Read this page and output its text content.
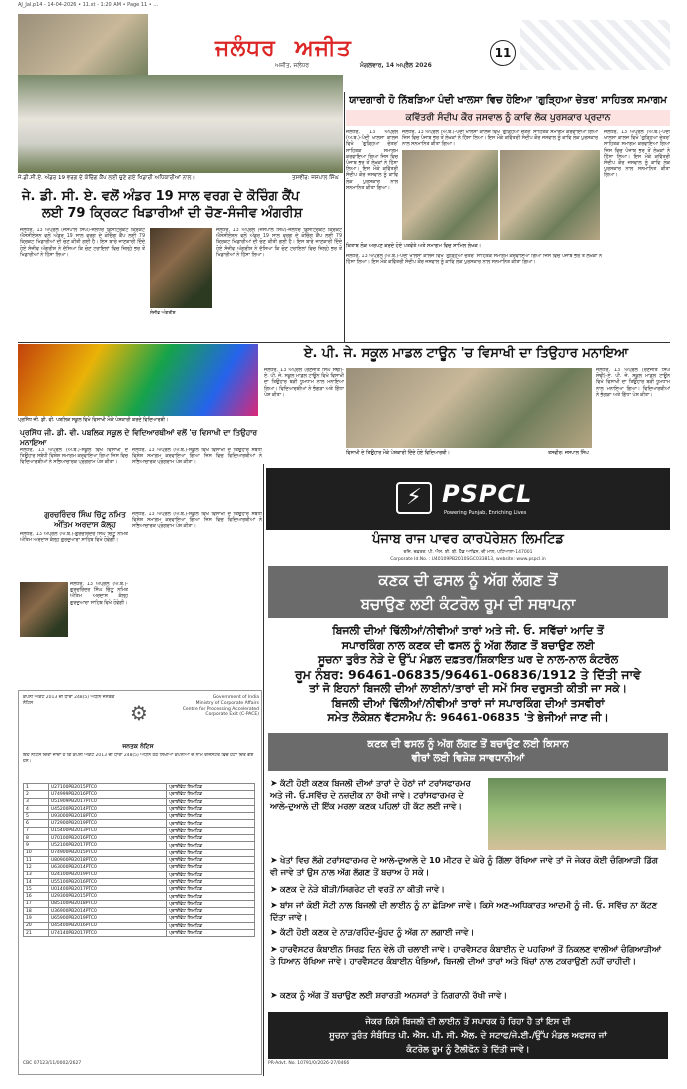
AJ_Jal.p14 - 14-04-2026 • 11.xt - 1:20 AM • Page 11 • ...
ਜਲੰਧਰ ਅਜੀਤ
ਅਜੀਤ, ਜਲੰਧਰ	ਮੰਗਲਵਾਰ, 14 ਅਪ੍ਰੈਲ 2026
11
ਜੇ.ਡੀ.ਸੀ.ਏ. ਅੰਡਰ 19 ਵਰਗ ਦੇ ਕੋਚਿੰਗ ਕੈਂਪ ਲਈ ਚੁਣੇ ਗਏ ਖਿਡਾਰੀ ਅਧਿਕਾਰੀਆਂ ਨਾਲ।	ਤਸਵੀਰ: ਜਸਪਾਲ ਸਿੰਘ
ਜੇ. ਡੀ. ਸੀ. ਏ. ਵਲੋਂ ਅੰਡਰ 19 ਸਾਲ ਵਰਗ ਦੇ ਕੋਚਿੰਗ ਕੈਂਪ
ਲਈ 79 ਕ੍ਰਿਕਟ ਖਿਡਾਰੀਆਂ ਦੀ ਚੋਣ-ਸੰਜੀਵ ਅੰਗਰੀਸ਼
ਜਲੰਧਰ, 13 ਅਪ੍ਰੈਲ (ਜਸਪਾਲ ਸਿੰਘ)-ਜਲੰਧਰ ਡਿਸਟ੍ਰਿਕਟ ਕ੍ਰਿਕਟ ਐਸੋਸੀਏਸ਼ਨ ਵਲੋਂ ਅੰਡਰ 19 ਸਾਲ ਵਰਗ ਦੇ ਕੋਚਿੰਗ ਕੈਂਪ ਲਈ 79 ਕ੍ਰਿਕਟ ਖਿਡਾਰੀਆਂ ਦੀ ਚੋਣ ਕੀਤੀ ਗਈ ਹੈ। ਇਸ ਬਾਰੇ ਜਾਣਕਾਰੀ ਦਿੰਦੇ ਹੋਏ ਸੰਜੀਵ ਅੰਗਰੀਸ਼ ਨੇ ਦੱਸਿਆ ਕਿ ਚੋਣ ਟਰਾਇਲਾਂ ਵਿਚ ਜ਼ਿਲ੍ਹੇ ਭਰ ਤੋਂ ਖਿਡਾਰੀਆਂ ਨੇ ਹਿੱਸਾ ਲਿਆ।
ਸੰਜੀਵ ਅੰਗਰੀਸ਼
ਜਲੰਧਰ, 13 ਅਪ੍ਰੈਲ (ਜਸਪਾਲ ਸਿੰਘ)-ਜਲੰਧਰ ਡਿਸਟ੍ਰਿਕਟ ਕ੍ਰਿਕਟ ਐਸੋਸੀਏਸ਼ਨ ਵਲੋਂ ਅੰਡਰ 19 ਸਾਲ ਵਰਗ ਦੇ ਕੋਚਿੰਗ ਕੈਂਪ ਲਈ 79 ਕ੍ਰਿਕਟ ਖਿਡਾਰੀਆਂ ਦੀ ਚੋਣ ਕੀਤੀ ਗਈ ਹੈ। ਇਸ ਬਾਰੇ ਜਾਣਕਾਰੀ ਦਿੰਦੇ ਹੋਏ ਸੰਜੀਵ ਅੰਗਰੀਸ਼ ਨੇ ਦੱਸਿਆ ਕਿ ਚੋਣ ਟਰਾਇਲਾਂ ਵਿਚ ਜ਼ਿਲ੍ਹੇ ਭਰ ਤੋਂ ਖਿਡਾਰੀਆਂ ਨੇ ਹਿੱਸਾ ਲਿਆ।
ਯਾਦਗਾਰੀ ਹੋ ਨਿੱਬੜਿਆ ਪੰਦੀ ਖਾਲਸਾ ਵਿਚ ਹੋਇਆ 'ਗੁੜ੍ਹਿਆ ਚੇਤਰ' ਸਾਹਿਤਕ ਸਮਾਗਮ
ਕਵਿੱਤਰੀ ਸੰਦੀਪ ਕੌਰ ਜਸਵਾਲ ਨੂੰ ਕਾਵਿ ਲੋਕ ਪੁਰਸਕਾਰ ਪ੍ਰਦਾਨ
ਜਲੰਧਰ, 13 ਅਪ੍ਰੈਲ (ਅ.ਬ.)-ਪੰਦੀ ਖਾਲਸਾ ਕਾਲਜ ਵਿਖੇ 'ਗੁੜ੍ਹਿਆ ਚੇਤਰ' ਸਾਹਿਤਕ ਸਮਾਗਮ ਕਰਵਾਇਆ ਗਿਆ ਜਿਸ ਵਿਚ ਪੰਜਾਬ ਭਰ ਤੋਂ ਲੇਖਕਾਂ ਨੇ ਹਿੱਸਾ ਲਿਆ। ਇਸ ਮੌਕੇ ਕਵਿੱਤਰੀ ਸੰਦੀਪ ਕੌਰ ਜਸਵਾਲ ਨੂੰ ਕਾਵਿ ਲੋਕ ਪੁਰਸਕਾਰ ਨਾਲ ਸਨਮਾਨਿਤ ਕੀਤਾ ਗਿਆ।
ਜਲੰਧਰ, 13 ਅਪ੍ਰੈਲ (ਅ.ਬ.)-ਪੰਦੀ ਖਾਲਸਾ ਕਾਲਜ ਵਿਖੇ 'ਗੁੜ੍ਹਿਆ ਚੇਤਰ' ਸਾਹਿਤਕ ਸਮਾਗਮ ਕਰਵਾਇਆ ਗਿਆ ਜਿਸ ਵਿਚ ਪੰਜਾਬ ਭਰ ਤੋਂ ਲੇਖਕਾਂ ਨੇ ਹਿੱਸਾ ਲਿਆ। ਇਸ ਮੌਕੇ ਕਵਿੱਤਰੀ ਸੰਦੀਪ ਕੌਰ ਜਸਵਾਲ ਨੂੰ ਕਾਵਿ ਲੋਕ ਪੁਰਸਕਾਰ ਨਾਲ ਸਨਮਾਨਿਤ ਕੀਤਾ ਗਿਆ।
ਜਲੰਧਰ, 13 ਅਪ੍ਰੈਲ (ਅ.ਬ.)-ਪੰਦੀ ਖਾਲਸਾ ਕਾਲਜ ਵਿਖੇ 'ਗੁੜ੍ਹਿਆ ਚੇਤਰ' ਸਾਹਿਤਕ ਸਮਾਗਮ ਕਰਵਾਇਆ ਗਿਆ ਜਿਸ ਵਿਚ ਪੰਜਾਬ ਭਰ ਤੋਂ ਲੇਖਕਾਂ ਨੇ ਹਿੱਸਾ ਲਿਆ। ਇਸ ਮੌਕੇ ਕਵਿੱਤਰੀ ਸੰਦੀਪ ਕੌਰ ਜਸਵਾਲ ਨੂੰ ਕਾਵਿ ਲੋਕ ਪੁਰਸਕਾਰ ਨਾਲ ਸਨਮਾਨਿਤ ਕੀਤਾ ਗਿਆ।
ਕਿਤਾਬ ਲੋਕ ਅਰਪਣ ਕਰਦੇ ਹੋਏ ਪਤਵੰਤੇ ਅਤੇ ਸਮਾਗਮ ਵਿਚ ਸ਼ਾਮਿਲ ਲੇਖਕ।
ਜਲੰਧਰ, 13 ਅਪ੍ਰੈਲ (ਅ.ਬ.)-ਪੰਦੀ ਖਾਲਸਾ ਕਾਲਜ ਵਿਖੇ 'ਗੁੜ੍ਹਿਆ ਚੇਤਰ' ਸਾਹਿਤਕ ਸਮਾਗਮ ਕਰਵਾਇਆ ਗਿਆ ਜਿਸ ਵਿਚ ਪੰਜਾਬ ਭਰ ਤੋਂ ਲੇਖਕਾਂ ਨੇ ਹਿੱਸਾ ਲਿਆ। ਇਸ ਮੌਕੇ ਕਵਿੱਤਰੀ ਸੰਦੀਪ ਕੌਰ ਜਸਵਾਲ ਨੂੰ ਕਾਵਿ ਲੋਕ ਪੁਰਸਕਾਰ ਨਾਲ ਸਨਮਾਨਿਤ ਕੀਤਾ ਗਿਆ।
ਪ੍ਰਸਿੱਧ ਜੀ. ਡੀ. ਵੀ. ਪਬਲਿਕ ਸਕੂਲ ਵਿਖੇ ਵਿਸਾਖੀ ਮੌਕੇ ਪੇਸ਼ਕਾਰੀ ਕਰਦੇ ਵਿਦਿਆਰਥੀ।
ਪ੍ਰਸਿੱਧ ਜੀ. ਡੀ. ਵੀ. ਪਬਲਿਕ ਸਕੂਲ ਦੇ ਵਿਦਿਆਰਥੀਆਂ ਵਲੋਂ 'ਚ ਵਿਸਾਖੀ ਦਾ ਤਿਉਹਾਰ ਮਨਾਇਆ
ਏ. ਪੀ. ਜੇ. ਸਕੂਲ ਮਾਡਲ ਟਾਊਨ 'ਚ ਵਿਸਾਖੀ ਦਾ ਤਿਉਹਾਰ ਮਨਾਇਆ
ਜਲੰਧਰ, 13 ਅਪ੍ਰੈਲ (ਰਣਜੀਤ ਸਿੰਘ ਸੋਢੀ)-ਏ. ਪੀ. ਜੇ. ਸਕੂਲ ਮਾਡਲ ਟਾਊਨ ਵਿਖੇ ਵਿਸਾਖੀ ਦਾ ਤਿਉਹਾਰ ਬੜੀ ਧੂਮਧਾਮ ਨਾਲ ਮਨਾਇਆ ਗਿਆ। ਵਿਦਿਆਰਥੀਆਂ ਨੇ ਭੰਗੜਾ ਅਤੇ ਗਿੱਧਾ ਪੇਸ਼ ਕੀਤਾ।
ਵਿਸਾਖੀ ਦੇ ਤਿਉਹਾਰ ਮੌਕੇ ਪੇਸ਼ਕਾਰੀ ਦਿੰਦੇ ਹੋਏ ਵਿਦਿਆਰਥੀ।	ਤਸਵੀਰ: ਜਸਪਾਲ ਸਿੰਘ
ਜਲੰਧਰ, 13 ਅਪ੍ਰੈਲ (ਰਣਜੀਤ ਸਿੰਘ ਸੋਢੀ)-ਏ. ਪੀ. ਜੇ. ਸਕੂਲ ਮਾਡਲ ਟਾਊਨ ਵਿਖੇ ਵਿਸਾਖੀ ਦਾ ਤਿਉਹਾਰ ਬੜੀ ਧੂਮਧਾਮ ਨਾਲ ਮਨਾਇਆ ਗਿਆ। ਵਿਦਿਆਰਥੀਆਂ ਨੇ ਭੰਗੜਾ ਅਤੇ ਗਿੱਧਾ ਪੇਸ਼ ਕੀਤਾ।
ਜਲੰਧਰ, 13 ਅਪ੍ਰੈਲ (ਅ.ਬ.)-ਸਕੂਲ ਵਿਖੇ ਵਿਸਾਖੀ ਦੇ ਤਿਉਹਾਰ ਸਬੰਧੀ ਵਿਸ਼ੇਸ਼ ਸਮਾਗਮ ਕਰਵਾਇਆ ਗਿਆ ਜਿਸ ਵਿਚ ਵਿਦਿਆਰਥੀਆਂ ਨੇ ਸਭਿਆਚਾਰਕ ਪ੍ਰੋਗਰਾਮ ਪੇਸ਼ ਕੀਤਾ।
ਜਲੰਧਰ, 13 ਅਪ੍ਰੈਲ (ਅ.ਬ.)-ਸਕੂਲ ਵਿਖੇ ਵਿਸਾਖੀ ਦੇ ਤਿਉਹਾਰ ਸਬੰਧੀ ਵਿਸ਼ੇਸ਼ ਸਮਾਗਮ ਕਰਵਾਇਆ ਗਿਆ ਜਿਸ ਵਿਚ ਵਿਦਿਆਰਥੀਆਂ ਨੇ ਸਭਿਆਚਾਰਕ ਪ੍ਰੋਗਰਾਮ ਪੇਸ਼ ਕੀਤਾ।
ਗੁਰਚਰਿੰਦਰ ਸਿੰਘ ਚਿੱਟੂ ਨਮਿਤ
ਅੰਤਿਮ ਅਰਦਾਸ ਕੱਲ੍ਹ
ਜਲੰਧਰ, 13 ਅਪ੍ਰੈਲ (ਅ.ਬ.)-ਗੁਰਚਰਿੰਦਰ ਸਿੰਘ ਚਿੱਟੂ ਨਮਿਤ ਅੰਤਿਮ ਅਰਦਾਸ ਕੱਲ੍ਹ ਗੁਰਦੁਆਰਾ ਸਾਹਿਬ ਵਿਖੇ ਹੋਵੇਗੀ।
ਜਲੰਧਰ, 13 ਅਪ੍ਰੈਲ (ਅ.ਬ.)-ਗੁਰਚਰਿੰਦਰ ਸਿੰਘ ਚਿੱਟੂ ਨਮਿਤ ਅੰਤਿਮ ਅਰਦਾਸ ਕੱਲ੍ਹ ਗੁਰਦੁਆਰਾ ਸਾਹਿਬ ਵਿਖੇ ਹੋਵੇਗੀ।
ਜਲੰਧਰ, 13 ਅਪ੍ਰੈਲ (ਅ.ਬ.)-ਸਕੂਲ ਵਿਖੇ ਵਿਸਾਖੀ ਦੇ ਤਿਉਹਾਰ ਸਬੰਧੀ ਵਿਸ਼ੇਸ਼ ਸਮਾਗਮ ਕਰਵਾਇਆ ਗਿਆ ਜਿਸ ਵਿਚ ਵਿਦਿਆਰਥੀਆਂ ਨੇ ਸਭਿਆਚਾਰਕ ਪ੍ਰੋਗਰਾਮ ਪੇਸ਼ ਕੀਤਾ।
ਕੰਪਨੀ ਐਕਟ 2013 ਦੀ ਧਾਰਾ 248(5) ਅਧੀਨ ਜਨਤਕ ਨੋਟਿਸ	⚙
Government of India
Ministry of Corporate Affairs
Centre for Processing Accelerated
Corporate Exit (C-PACE)
ਜਨਤਕ ਨੋਟਿਸ
ਇਹ ਨੋਟਿਸ ਦਿੱਤਾ ਜਾਂਦਾ ਹੈ ਕਿ ਕੰਪਨੀ ਐਕਟ 2013 ਦੀ ਧਾਰਾ 248(5) ਅਧੀਨ ਹੇਠ ਲਿਖੀਆਂ ਕੰਪਨੀਆਂ ਦੇ ਨਾਮ ਰਜਿਸਟਰ ਵਿਚੋਂ ਹਟਾ ਦਿੱਤੇ ਗਏ ਹਨ।
1	U27100PB2015PTC0	ਪ੍ਰਾਈਵੇਟ ਲਿਮਟਿਡ
2	U74999PB2016PTC0	ਪ੍ਰਾਈਵੇਟ ਲਿਮਟਿਡ
3	U51909PB2017PTC0	ਪ੍ਰਾਈਵੇਟ ਲਿਮਟਿਡ
4	U45200PB2014PTC0	ਪ੍ਰਾਈਵੇਟ ਲਿਮਟਿਡ
5	U93000PB2018PTC0	ਪ੍ਰਾਈਵੇਟ ਲਿਮਟਿਡ
6	U72900PB2019PTC0	ਪ੍ਰਾਈਵੇਟ ਲਿਮਟਿਡ
7	U15400PB2013PTC0	ਪ੍ਰਾਈਵੇਟ ਲਿਮਟਿਡ
8	U70100PB2016PTC0	ਪ੍ਰਾਈਵੇਟ ਲਿਮਟਿਡ
9	U52100PB2017PTC0	ਪ੍ਰਾਈਵੇਟ ਲਿਮਟਿਡ
10	U74900PB2015PTC0	ਪ੍ਰਾਈਵੇਟ ਲਿਮਟਿਡ
11	U80900PB2018PTC0	ਪ੍ਰਾਈਵੇਟ ਲਿਮਟਿਡ
12	U63000PB2014PTC0	ਪ੍ਰਾਈਵੇਟ ਲਿਮਟਿਡ
13	U24100PB2019PTC0	ਪ੍ਰਾਈਵੇਟ ਲਿਮਟਿਡ
14	U55100PB2016PTC0	ਪ੍ਰਾਈਵੇਟ ਲਿਮਟਿਡ
15	U01400PB2017PTC0	ਪ੍ਰਾਈਵੇਟ ਲਿਮਟਿਡ
16	U29300PB2015PTC0	ਪ੍ਰਾਈਵੇਟ ਲਿਮਟਿਡ
17	U85100PB2018PTC0	ਪ੍ਰਾਈਵੇਟ ਲਿਮਟਿਡ
18	U36900PB2014PTC0	ਪ੍ਰਾਈਵੇਟ ਲਿਮਟਿਡ
19	U65900PB2019PTC0	ਪ੍ਰਾਈਵੇਟ ਲਿਮਟਿਡ
20	U45400PB2016PTC0	ਪ੍ਰਾਈਵੇਟ ਲਿਮਟਿਡ
21	U74140PB2017PTC0	ਪ੍ਰਾਈਵੇਟ ਲਿਮਟਿਡ
CBC 07123/11/0002/2627
⚡ PSPCL
Powering Punjab, Enriching Lives
ਪੰਜਾਬ ਰਾਜ ਪਾਵਰ ਕਾਰਪੋਰੇਸ਼ਨ ਲਿਮਟਿਡ
ਰਜਿ. ਦਫ਼ਤਰ: ਪੀ. ਐਸ. ਈ. ਬੀ. ਹੈੱਡ ਆਫਿਸ, ਦੀ ਮਾਲ, ਪਟਿਆਲਾ-147001
Corporate Id.No. : U40109PB2010SGC033813, website: www.pspcl.in
ਕਣਕ ਦੀ ਫਸਲ ਨੂੰ ਅੱਗ ਲੱਗਣ ਤੋਂ
ਬਚਾਉਣ ਲਈ ਕੰਟਰੋਲ ਰੂਮ ਦੀ ਸਥਾਪਨਾ
ਬਿਜਲੀ ਦੀਆਂ ਢਿੱਲੀਆਂ/ਨੀਵੀਆਂ ਤਾਰਾਂ ਅਤੇ ਜੀ. ਓ. ਸਵਿੱਚਾਂ ਆਦਿ ਤੋਂ
ਸਪਾਰਕਿੰਗ ਨਾਲ ਕਣਕ ਦੀ ਫਸਲ ਨੂੰ ਅੱਗ ਲੱਗਣ ਤੋਂ ਬਚਾਉਣ ਲਈ
ਸੂਚਨਾ ਤੁਰੰਤ ਨੇੜੇ ਦੇ ਉੱਪ ਮੰਡਲ ਦਫ਼ਤਰ/ਸ਼ਿਕਾਇਤ ਘਰ ਦੇ ਨਾਲ-ਨਾਲ ਕੰਟਰੋਲ
ਰੂਮ ਨੰਬਰ: 96461-06835/96461-06836/1912 ਤੇ ਦਿੱਤੀ ਜਾਵੇ
ਤਾਂ ਜੋ ਇਹਨਾਂ ਬਿਜਲੀ ਦੀਆਂ ਲਾਈਨਾਂ/ਤਾਰਾਂ ਦੀ ਸਮੇਂ ਸਿਰ ਦਰੁਸਤੀ ਕੀਤੀ ਜਾ ਸਕੇ।
ਬਿਜਲੀ ਦੀਆਂ ਢਿੱਲੀਆਂ/ਨੀਵੀਆਂ ਤਾਰਾਂ ਜਾਂ ਸਪਾਰਕਿੰਗ ਦੀਆਂ ਤਸਵੀਰਾਂ
ਸਮੇਤ ਲੋਕੇਸ਼ਨ ਵੱਟਸਐਪ ਨੰ: 96461-06835 'ਤੇ ਭੇਜੀਆਂ ਜਾਣ ਜੀ।
ਕਣਕ ਦੀ ਫਸਲ ਨੂੰ ਅੱਗ ਲੱਗਣ ਤੋਂ ਬਚਾਉਣ ਲਈ ਕਿਸਾਨ
ਵੀਰਾਂ ਲਈ ਵਿਸ਼ੇਸ਼ ਸਾਵਧਾਨੀਆਂ
➤ ਕੱਟੀ ਹੋਈ ਕਣਕ ਬਿਜਲੀ ਦੀਆਂ ਤਾਰਾਂ ਦੇ ਹੇਠਾਂ ਜਾਂ ਟਰਾਂਸਫਾਰਮਰ ਅਤੇ ਜੀ. ਓ.ਸਵਿੱਚ ਦੇ ਨਜ਼ਦੀਕ ਨਾ ਰੱਖੀ ਜਾਵੇ। ਟਰਾਂਸਫਾਰਮਰ ਦੇ ਆਲੇ-ਦੁਆਲੇ ਦੀ ਇੱਕ ਮਰਲਾ ਕਣਕ ਪਹਿਲਾਂ ਹੀ ਕੱਟ ਲਈ ਜਾਵੇ।
➤ ਖੇਤਾਂ ਵਿਚ ਲੱਗੇ ਟਰਾਂਸਫਾਰਮਰ ਦੇ ਆਲੇ-ਦੁਆਲੇ ਦੇ 10 ਮੀਟਰ ਦੇ ਘੇਰੇ ਨੂੰ ਗਿੱਲਾ ਰੱਖਿਆ ਜਾਵੇ ਤਾਂ ਜੋ ਜੇਕਰ ਕੋਈ ਚੰਗਿਆੜੀ ਡਿੱਗ ਵੀ ਜਾਵੇ ਤਾਂ ਉਸ ਨਾਲ ਅੱਗ ਲੱਗਣ ਤੋਂ ਬਚਾਅ ਹੋ ਸਕੇ।
➤ ਕਣਕ ਦੇ ਨੇੜੇ ਬੀੜੀ/ਸਿਗਰੇਟ ਦੀ ਵਰਤੋਂ ਨਾ ਕੀਤੀ ਜਾਵੇ।
➤ ਬਾਂਸ ਜਾਂ ਕੋਈ ਸੋਟੀ ਨਾਲ ਬਿਜਲੀ ਦੀ ਲਾਈਨ ਨੂੰ ਨਾ ਛੇੜਿਆ ਜਾਵੇ। ਕਿਸੇ ਅਣ-ਅਧਿਕਾਰਤ ਆਦਮੀ ਨੂੰ ਜੀ. ਓ. ਸਵਿੱਚ ਨਾ ਕੱਟਣ ਦਿੱਤਾ ਜਾਵੇ।
➤ ਕੱਟੀ ਹੋਈ ਕਣਕ ਦੇ ਨਾੜ/ਰਹਿੰਦ-ਖੂੰਹਦ ਨੂੰ ਅੱਗ ਨਾ ਲਗਾਈ ਜਾਵੇ।
➤ ਹਾਰਵੈਸਟਰ ਕੰਬਾਈਨ ਸਿਰਫ਼ ਦਿਨ ਵੇਲੇ ਹੀ ਚਲਾਈ ਜਾਵੇ। ਹਾਰਵੈਸਟਰ ਕੰਬਾਈਨ ਦੇ ਪਹਰਿਆਂ ਤੋਂ ਨਿਕਲਣ ਵਾਲੀਆਂ ਚੰਗਿਆੜੀਆਂ ਤੇ ਧਿਆਨ ਰੱਖਿਆ ਜਾਵੇ। ਹਾਰਵੈਸਟਰ ਕੰਬਾਈਨ ਖੰਭਿਆਂ, ਬਿਜਲੀ ਦੀਆਂ ਤਾਰਾਂ ਅਤੇ ਖਿੱਚਾਂ ਨਾਲ ਟਕਰਾਉਣੀ ਨਹੀਂ ਚਾਹੀਦੀ।
➤ ਕਣਕ ਨੂੰ ਅੱਗ ਤੋਂ ਬਚਾਉਣ ਲਈ ਸ਼ਰਾਰਤੀ ਅਨਸਰਾਂ ਤੇ ਨਿਗਰਾਨੀ ਰੱਖੀ ਜਾਵੇ।
ਜੇਕਰ ਕਿਸੇ ਬਿਜਲੀ ਦੀ ਲਾਈਨ ਤੋਂ ਸਪਾਰਕ ਹੋ ਰਿਹਾ ਹੈ ਤਾਂ ਇਸ ਦੀ
ਸੂਚਨਾ ਤੁਰੰਤ ਸੰਬੰਧਿਤ ਪੀ. ਐਸ. ਪੀ. ਸੀ. ਐਲ. ਦੇ ਸਟਾਫ/ਜੇ.ਈ./ਉੱਪ ਮੰਡਲ ਅਫਸਰ ਜਾਂ
ਕੰਟਰੋਲ ਰੂਮ ਨੂੰ ਟੈਲੀਫੋਨ ਤੇ ਦਿੱਤੀ ਜਾਵੇ।
PR-Advt. No. 10791/0/2026-27/0466
